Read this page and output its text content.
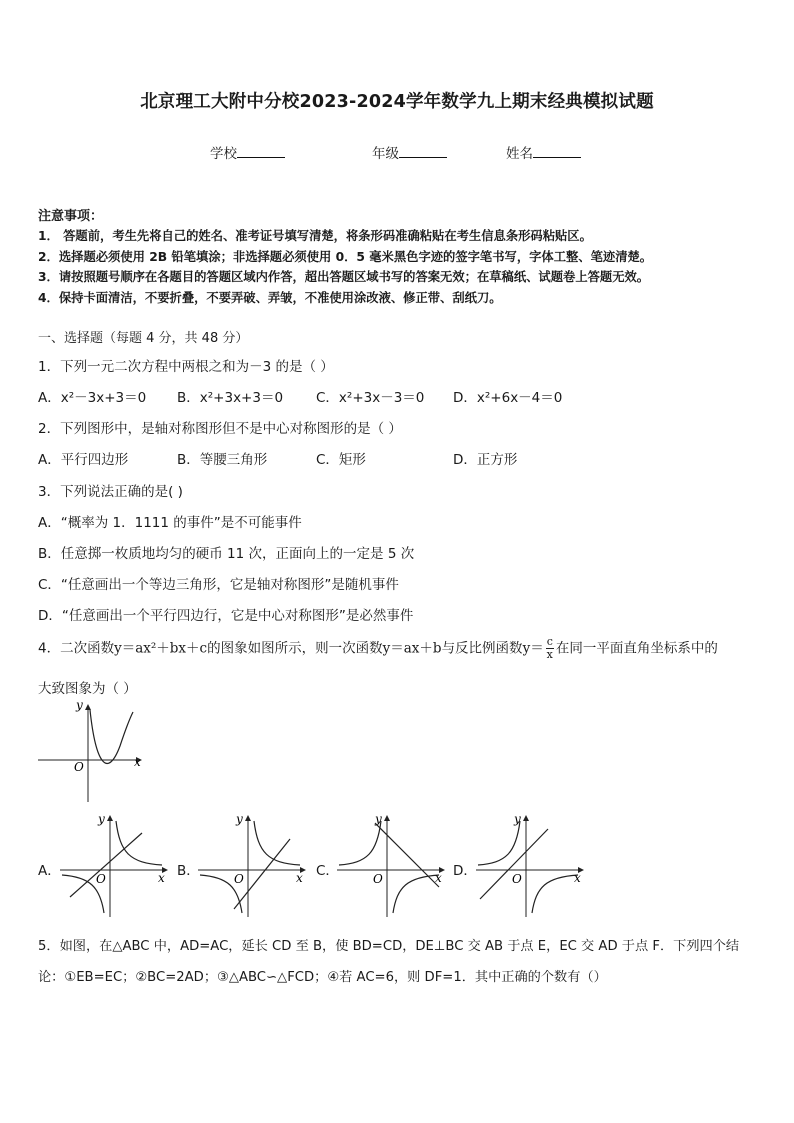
北京理工大附中分校2023-2024学年数学九上期末经典模拟试题
学校	年级	姓名
注意事项：
1． 答题前，考生先将自己的姓名、准考证号填写清楚，将条形码准确粘贴在考生信息条形码粘贴区。
2．选择题必须使用 2B 铅笔填涂；非选择题必须使用 0．5 毫米黑色字迹的签字笔书写，字体工整、笔迹清楚。
3．请按照题号顺序在各题目的答题区域内作答，超出答题区域书写的答案无效；在草稿纸、试题卷上答题无效。
4．保持卡面清洁，不要折叠，不要弄破、弄皱，不准使用涂改液、修正带、刮纸刀。
一、选择题（每题 4 分，共 48 分）
1．下列一元二次方程中两根之和为－3 的是（ ）
A．x²－3x+3＝0 B．x²+3x+3＝0 C．x²+3x－3＝0 D．x²+6x－4＝0
2．下列图形中，是轴对称图形但不是中心对称图形的是（ ）
A．平行四边形	B．等腰三角形	C．矩形	D．正方形
3．下列说法正确的是( )
A．“概率为 1．1111 的事件”是不可能事件
B．任意掷一枚质地均匀的硬币 11 次，正面向上的一定是 5 次
C．“任意画出一个等边三角形，它是轴对称图形”是随机事件
D．“任意画出一个平行四边行，它是中心对称图形”是必然事件
4．二次函数y＝ax²＋bx＋c的图象如图所示，则一次函数y＝ax＋b与反比例函数$y= \frac{c}{x}$ 在同一平面直角坐标系中的
大致图象为（ ）
x
y
O
A．	x
y
O	B．	x
y
O	C．	x
y
O	D．	x
y
O
5．如图，在△ABC 中，AD=AC，延长 CD 至 B，使 BD=CD，DE⊥BC 交 AB 于点 E，EC 交 AD 于点 F．下列四个结
论：①EB=EC；②BC=2AD；③△ABC∽△FCD；④若 AC=6，则 DF=1．其中正确的个数有（）
